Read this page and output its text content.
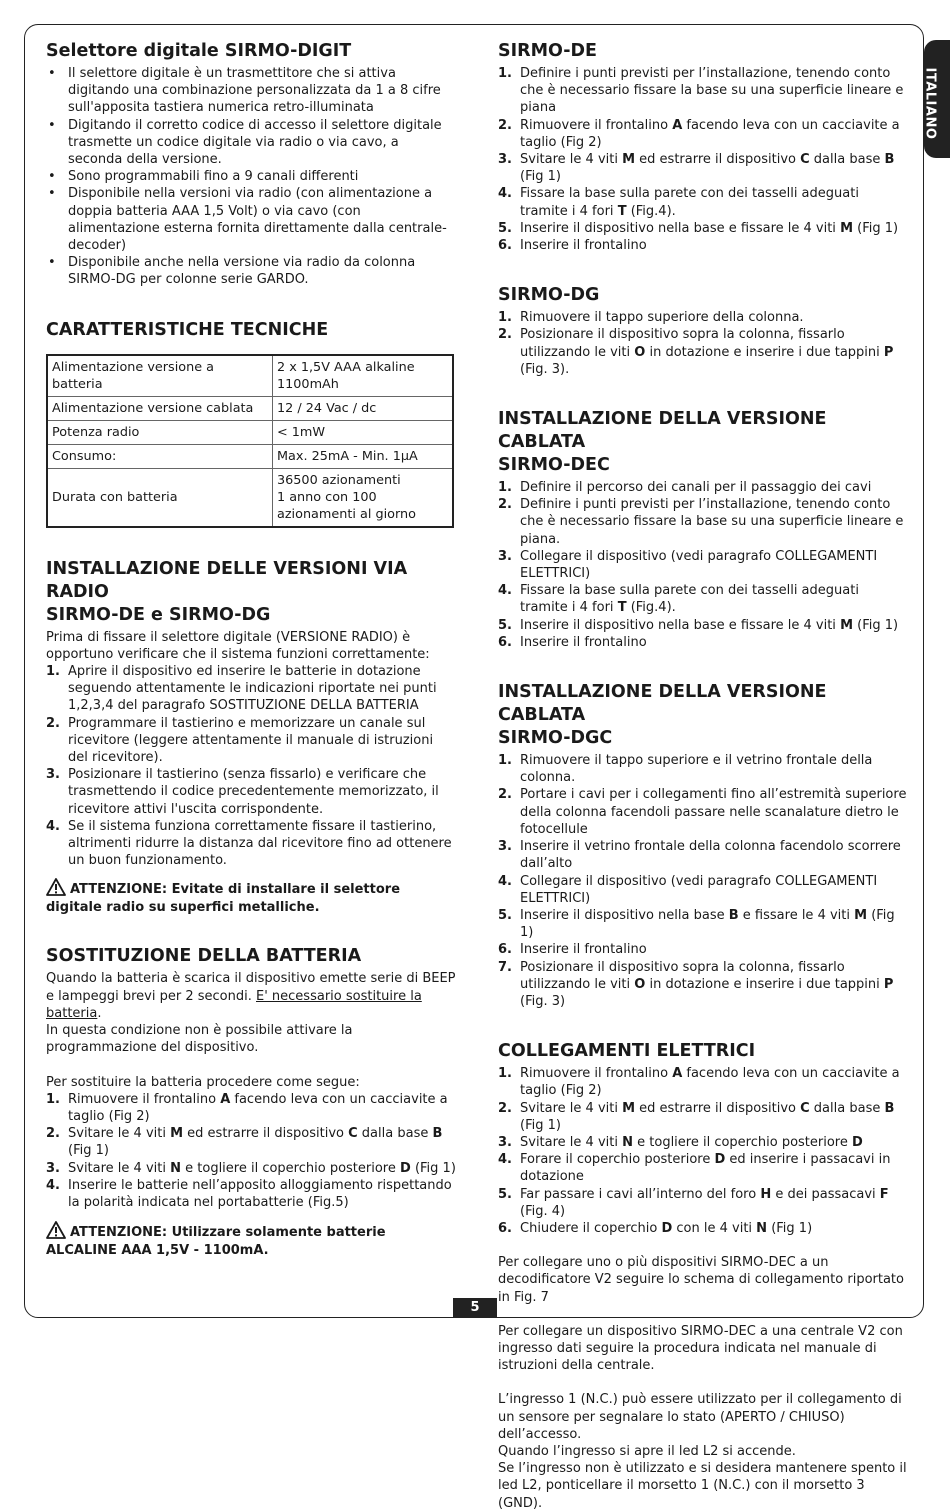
ITALIANO
Selettore digitale SIRMO-DIGIT
• Il selettore digitale è un trasmettitore che si attiva digitando una combinazione personalizzata da 1 a 8 cifre sull'apposita tastiera numerica retro-illuminata
• Digitando il corretto codice di accesso il selettore digitale trasmette un codice digitale via radio o via cavo, a seconda della versione.
• Sono programmabili fino a 9 canali differenti
• Disponibile nella versioni via radio (con alimentazione a doppia batteria AAA 1,5 Volt) o via cavo (con alimentazione esterna fornita direttamente dalla centrale-decoder)
• Disponibile anche nella versione via radio da colonna SIRMO-DG per colonne serie GARDO.
CARATTERISTICHE TECNICHE
Alimentazione versione a batteria	2 x 1,5V AAA alkaline
1100mAh
Alimentazione versione cablata	12 / 24 Vac / dc
Potenza radio	< 1mW
Consumo:	Max. 25mA - Min. 1μA
Durata con batteria	36500 azionamenti
1 anno con 100
azionamenti al giorno
INSTALLAZIONE DELLE VERSIONI VIA RADIO
SIRMO-DE e SIRMO-DG

Prima di fissare il selettore digitale (VERSIONE RADIO) è opportuno verificare che il sistema funzioni correttamente:

1. Aprire il dispositivo ed inserire le batterie in dotazione seguendo attentamente le indicazioni riportate nei punti 1,2,3,4 del paragrafo SOSTITUZIONE DELLA BATTERIA
2. Programmare il tastierino e memorizzare un canale sul ricevitore (leggere attentamente il manuale di istruzioni del ricevitore).
3. Posizionare il tastierino (senza fissarlo) e verificare che trasmettendo il codice precedentemente memorizzato, il ricevitore attivi l'uscita corrispondente.
4. Se il sistema funziona correttamente fissare il tastierino, altrimenti ridurre la distanza dal ricevitore fino ad ottenere un buon funzionamento.

ATTENZIONE: Evitate di installare il selettore digitale radio su superfici metalliche.

SOSTITUZIONE DELLA BATTERIA

Quando la batteria è scarica il dispositivo emette serie di BEEP e lampeggi brevi per 2 secondi. E' necessario sostituire la batteria.
In questa condizione non è possibile attivare la programmazione del dispositivo.

Per sostituire la batteria procedere come segue:

1. Rimuovere il frontalino A facendo leva con un cacciavite a taglio (Fig 2)
2. Svitare le 4 viti M ed estrarre il dispositivo C dalla base B (Fig 1)
3. Svitare le 4 viti N e togliere il coperchio posteriore D (Fig 1)
4. Inserire le batterie nell’apposito alloggiamento rispettando la polarità indicata nel portabatterie (Fig.5)

ATTENZIONE: Utilizzare solamente batterie ALCALINE AAA 1,5V - 1100mA.

SIRMO-DE
1. Definire i punti previsti per l’installazione, tenendo conto che è necessario fissare la base su una superficie lineare e piana
2. Rimuovere il frontalino A facendo leva con un cacciavite a taglio (Fig 2)
3. Svitare le 4 viti M ed estrarre il dispositivo C dalla base B (Fig 1)
4. Fissare la base sulla parete con dei tasselli adeguati tramite i 4 fori T (Fig.4).
5. Inserire il dispositivo nella base e fissare le 4 viti M (Fig 1)
6. Inserire il frontalino
SIRMO-DG
1. Rimuovere il tappo superiore della colonna.
2. Posizionare il dispositivo sopra la colonna, fissarlo utilizzando le viti O in dotazione e inserire i due tappini P (Fig. 3).
INSTALLAZIONE DELLA VERSIONE CABLATA
SIRMO-DEC
1. Definire il percorso dei canali per il passaggio dei cavi
2. Definire i punti previsti per l’installazione, tenendo conto che è necessario fissare la base su una superficie lineare e piana.
3. Collegare il dispositivo (vedi paragrafo COLLEGAMENTI ELETTRICI)
4. Fissare la base sulla parete con dei tasselli adeguati tramite i 4 fori T (Fig.4).
5. Inserire il dispositivo nella base e fissare le 4 viti M (Fig 1)
6. Inserire il frontalino
INSTALLAZIONE DELLA VERSIONE CABLATA
SIRMO-DGC
1. Rimuovere il tappo superiore e il vetrino frontale della colonna.
2. Portare i cavi per i collegamenti fino all’estremità superiore della colonna facendoli passare nelle scanalature dietro le fotocellule
3. Inserire il vetrino frontale della colonna facendolo scorrere dall’alto
4. Collegare il dispositivo (vedi paragrafo COLLEGAMENTI ELETTRICI)
5. Inserire il dispositivo nella base B e fissare le 4 viti M (Fig 1)
6. Inserire il frontalino
7. Posizionare il dispositivo sopra la colonna, fissarlo utilizzando le viti O in dotazione e inserire i due tappini P (Fig. 3)
COLLEGAMENTI ELETTRICI
1. Rimuovere il frontalino A facendo leva con un cacciavite a taglio (Fig 2)
2. Svitare le 4 viti M ed estrarre il dispositivo C dalla base B (Fig 1)
3. Svitare le 4 viti N e togliere il coperchio posteriore D
4. Forare il coperchio posteriore D ed inserire i passacavi in dotazione
5. Far passare i cavi all’interno del foro H e dei passacavi F (Fig. 4)
6. Chiudere il coperchio D con le 4 viti N (Fig 1)

Per collegare uno o più dispositivi SIRMO-DEC a un decodificatore V2 seguire lo schema di collegamento riportato in Fig. 7

Per collegare un dispositivo SIRMO-DEC a una centrale V2 con ingresso dati seguire la procedura indicata nel manuale di istruzioni della centrale.

L’ingresso 1 (N.C.) può essere utilizzato per il collegamento di un sensore per segnalare lo stato (APERTO / CHIUSO) dell’accesso.
Quando l’ingresso si apre il led L2 si accende.
Se l’ingresso non è utilizzato e si desidera mantenere spento il led L2, ponticellare il morsetto 1 (N.C.) con il morsetto 3 (GND).

5
